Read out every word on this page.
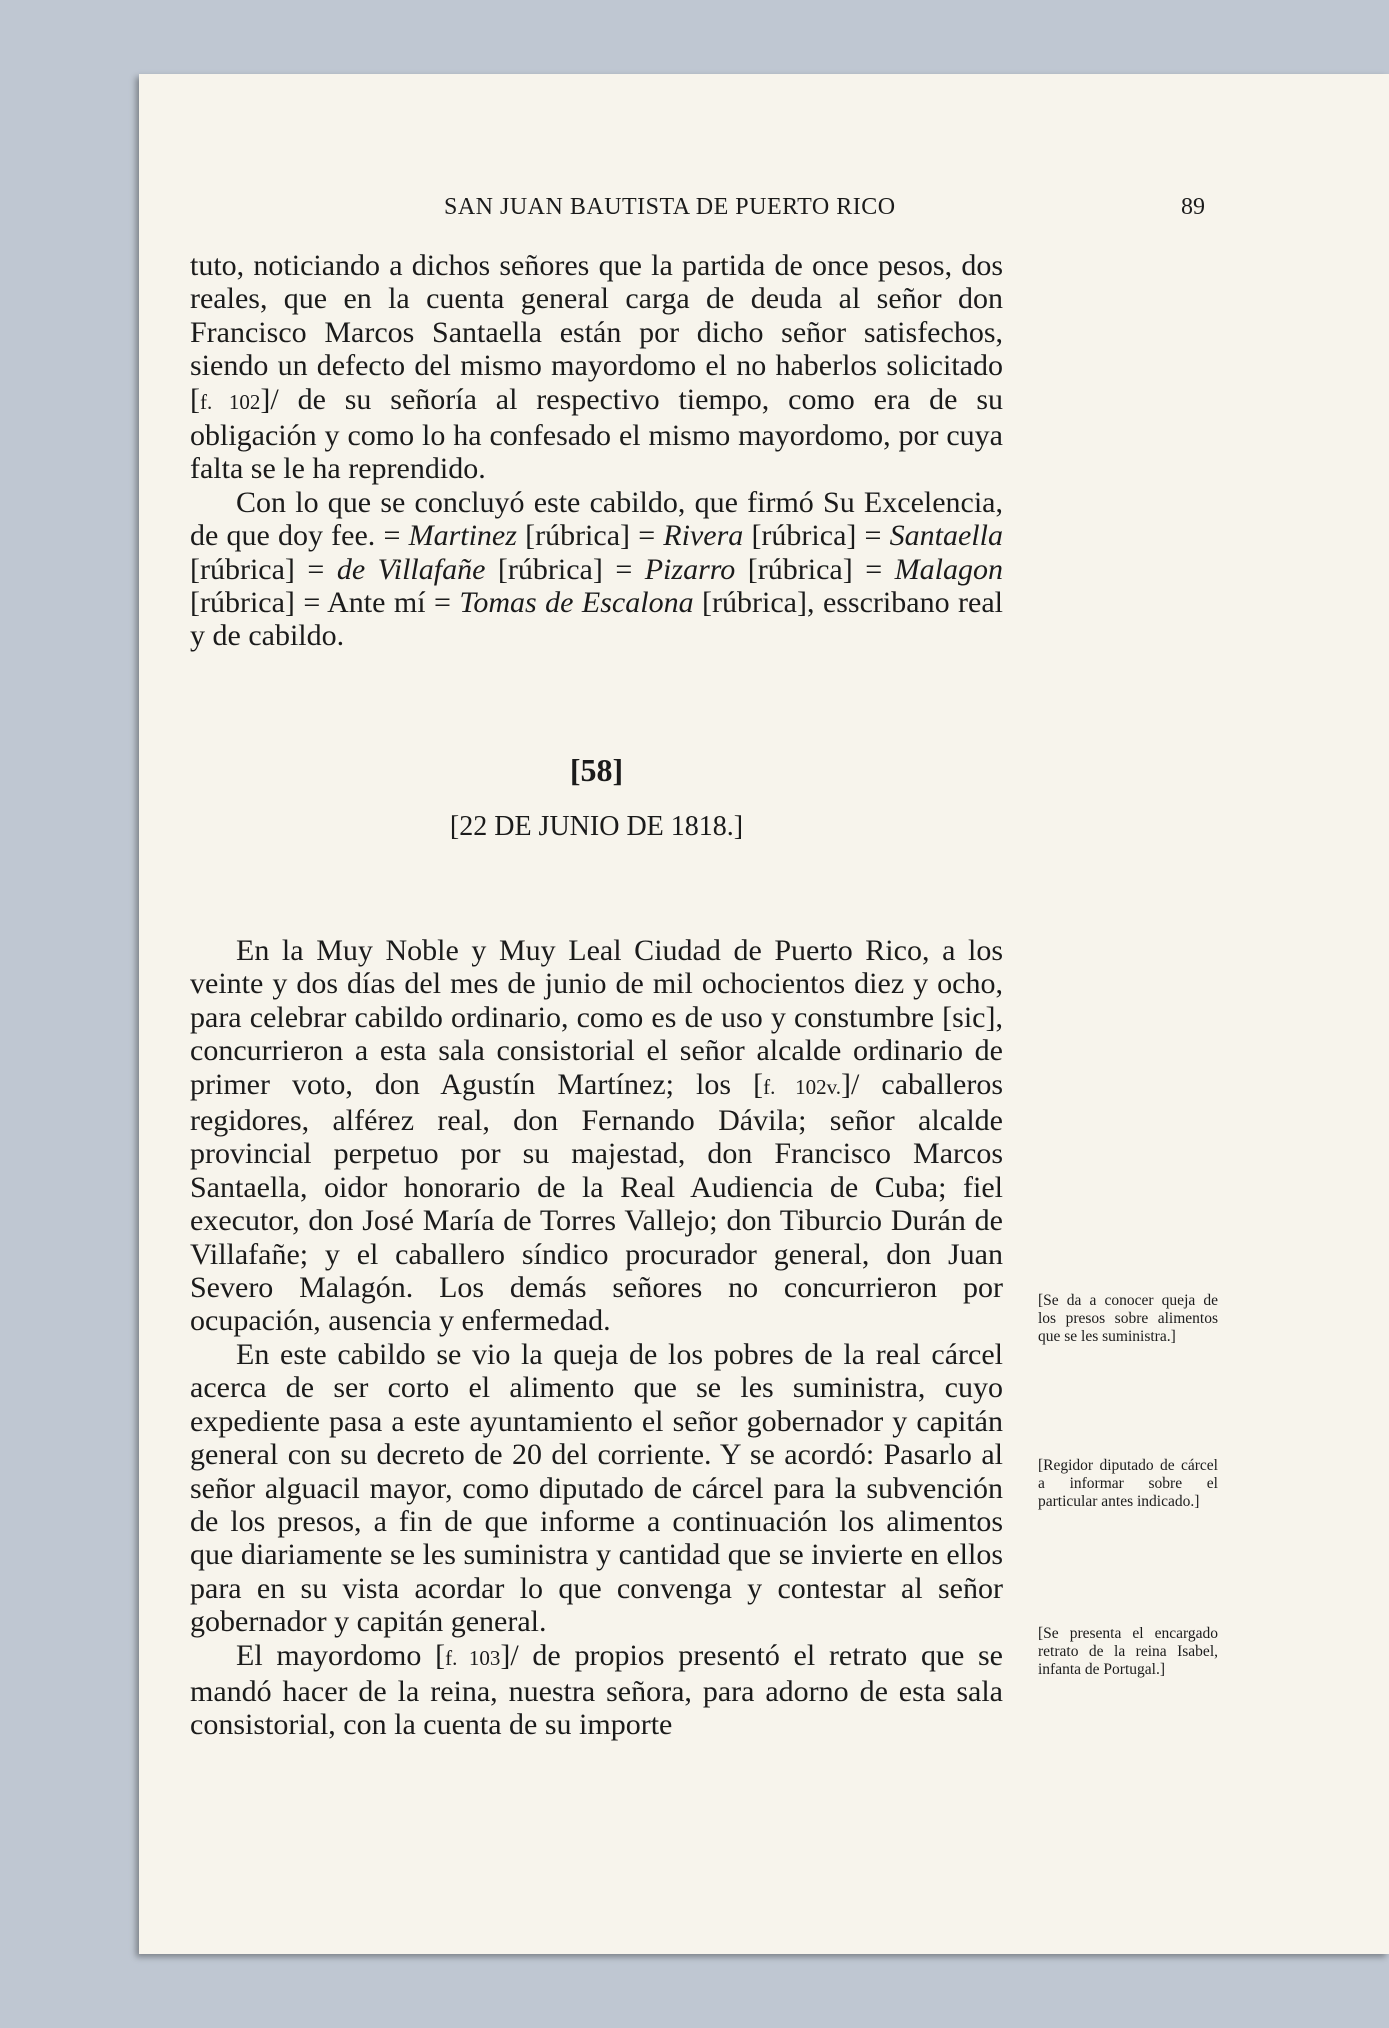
SAN JUAN BAUTISTA DE PUERTO RICO	89

tuto, noticiando a dichos señores que la partida de once pesos, dos reales, que en la cuenta general carga de deuda al señor don Francisco Marcos Santaella están por dicho señor satisfechos, siendo un defecto del mismo mayordomo el no haberlos solicitado [f. 102]/ de su señoría al respectivo tiempo, como era de su obligación y como lo ha confesado el mismo mayordomo, por cuya falta se le ha reprendido.

Con lo que se concluyó este cabildo, que firmó Su Excelencia, de que doy fee. = Martinez [rúbrica] = Rivera [rúbrica] = Santaella [rúbrica] = de Villafañe [rúbrica] = Pizarro [rúbrica] = Malagon [rúbrica] = Ante mí = Tomas de Escalona [rúbrica], esscribano real y de cabildo.

[58]
[22 DE JUNIO DE 1818.]

En la Muy Noble y Muy Leal Ciudad de Puerto Rico, a los veinte y dos días del mes de junio de mil ochocientos diez y ocho, para celebrar cabildo ordinario, como es de uso y constumbre [sic], concurrieron a esta sala consistorial el señor alcalde ordinario de primer voto, don Agustín Martínez; los [f. 102v.]/ caballeros regidores, alférez real, don Fernando Dávila; señor alcalde provincial perpetuo por su majestad, don Francisco Marcos Santaella, oidor honorario de la Real Audiencia de Cuba; fiel executor, don José María de Torres Vallejo; don Tiburcio Durán de Villafañe; y el caballero síndico procurador general, don Juan Severo Malagón. Los demás señores no concurrieron por ocupación, ausencia y enfermedad.

En este cabildo se vio la queja de los pobres de la real cárcel acerca de ser corto el alimento que se les suministra, cuyo expediente pasa a este ayuntamiento el señor gobernador y capitán general con su decreto de 20 del corriente. Y se acordó: Pasarlo al señor alguacil mayor, como diputado de cárcel para la subvención de los presos, a fin de que informe a continuación los alimentos que diariamente se les suministra y cantidad que se invierte en ellos para en su vista acordar lo que convenga y contestar al señor gobernador y capitán general.

El mayordomo [f. 103]/ de propios presentó el retrato que se mandó hacer de la reina, nuestra señora, para adorno de esta sala consistorial, con la cuenta de su importe

[Se da a conocer queja de los presos sobre alimentos que se les suministra.]
[Regidor diputado de cárcel a informar sobre el particular antes indicado.]
[Se presenta el encargado retrato de la reina Isabel, infanta de Portugal.]
